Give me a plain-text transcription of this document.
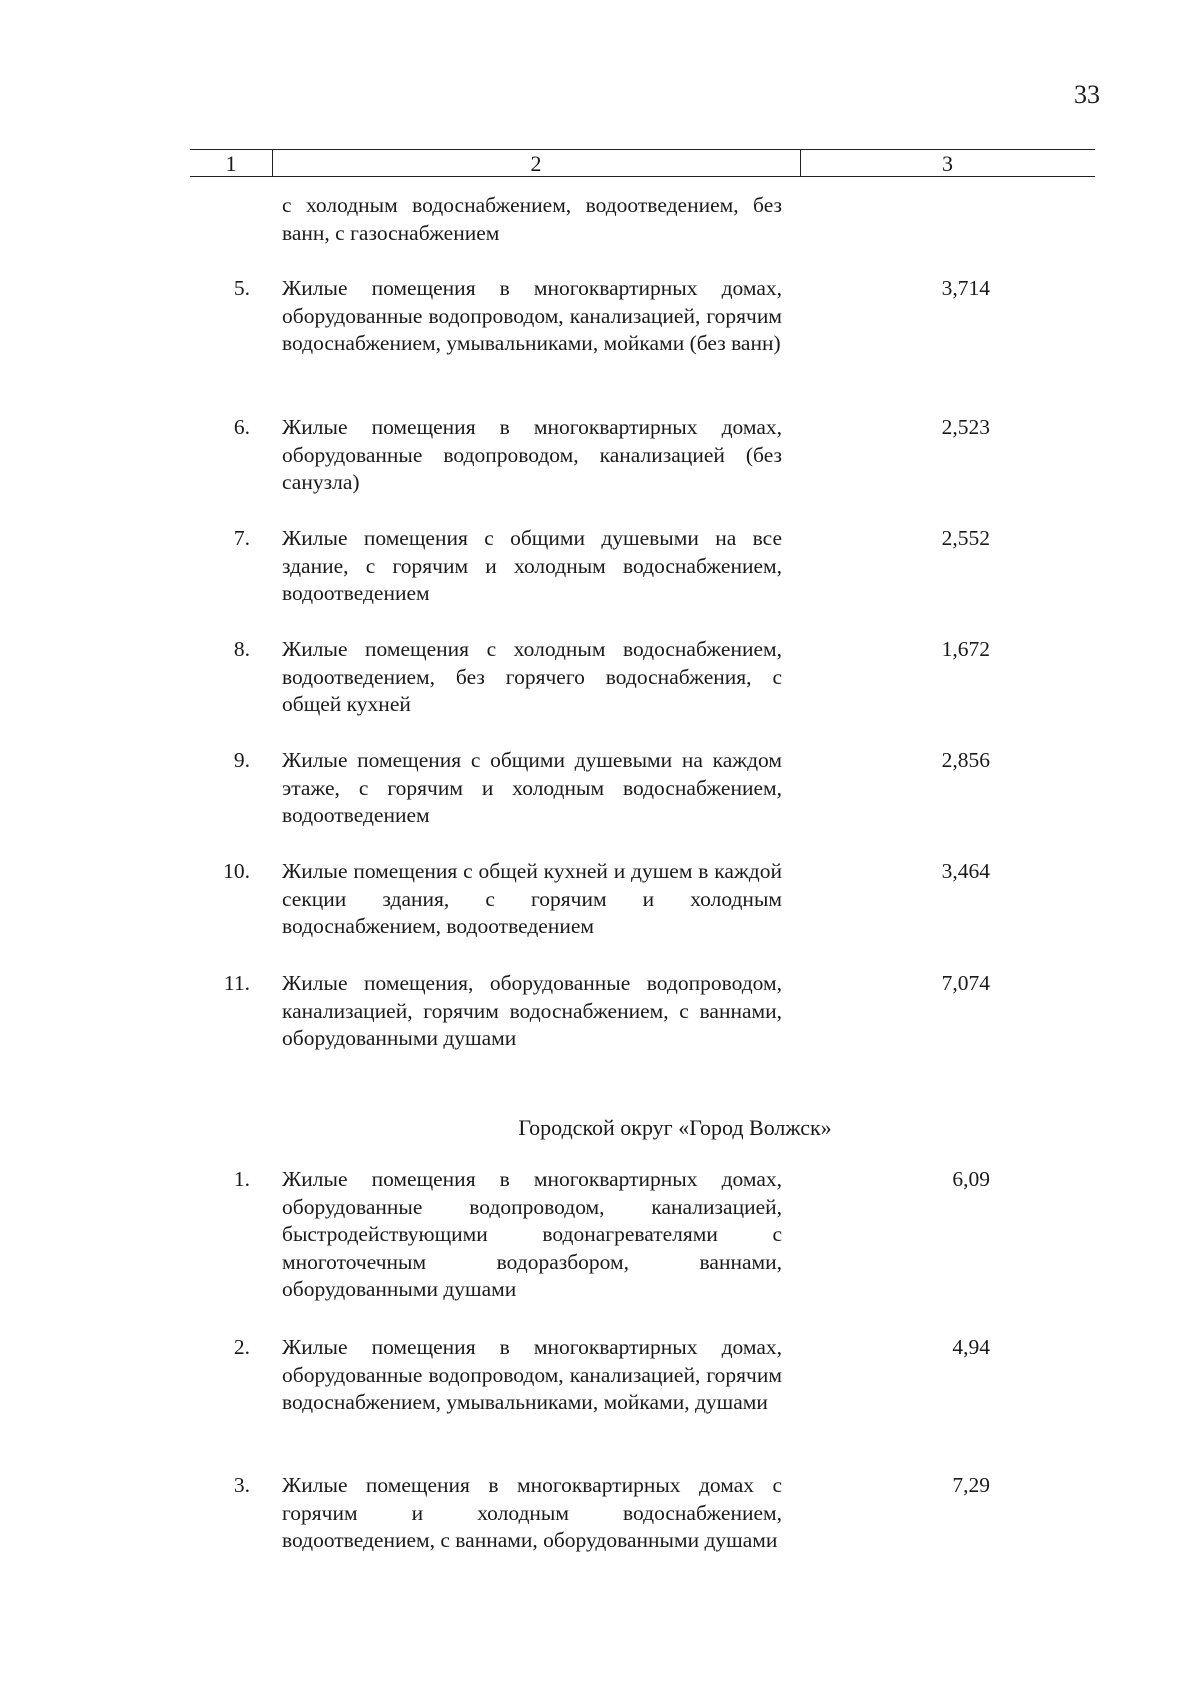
33
1	2	3
с холодным водоснабжением, водоотведением, без ванн, с газоснабжением
5. Жилые помещения в многоквартирных домах, оборудованные водопроводом, канализацией, горячим водоснабжением, умывальниками, мойками (без ванн)
3,714
6. Жилые помещения в многоквартирных домах, оборудованные водопроводом, канализацией (без санузла)
2,523
7. Жилые помещения с общими душевыми на все здание, с горячим и холодным водоснабжением, водоотведением
2,552
8. Жилые помещения с холодным водоснабжением, водоотведением, без горячего водоснабжения, с общей кухней
1,672
9. Жилые помещения с общими душевыми на каждом этаже, с горячим и холодным водоснабжением, водоотведением
2,856
10. Жилые помещения с общей кухней и душем в каждой секции здания, с горячим и холодным водоснабжением, водоотведением
3,464
11. Жилые помещения, оборудованные водопроводом, канализацией, горячим водоснабжением, с ваннами, оборудованными душами
7,074
Городской округ «Город Волжск»
1. Жилые помещения в многоквартирных домах, оборудованные водопроводом, канализацией, быстродействующими водонагревателями с многоточечным водоразбором, ваннами, оборудованными душами
6,09
2. Жилые помещения в многоквартирных домах, оборудованные водопроводом, канализацией, горячим водоснабжением, умывальниками, мойками, душами
4,94
3. Жилые помещения в многоквартирных домах с горячим и холодным водоснабжением, водоотведением, с ваннами, оборудованными душами
7,29
